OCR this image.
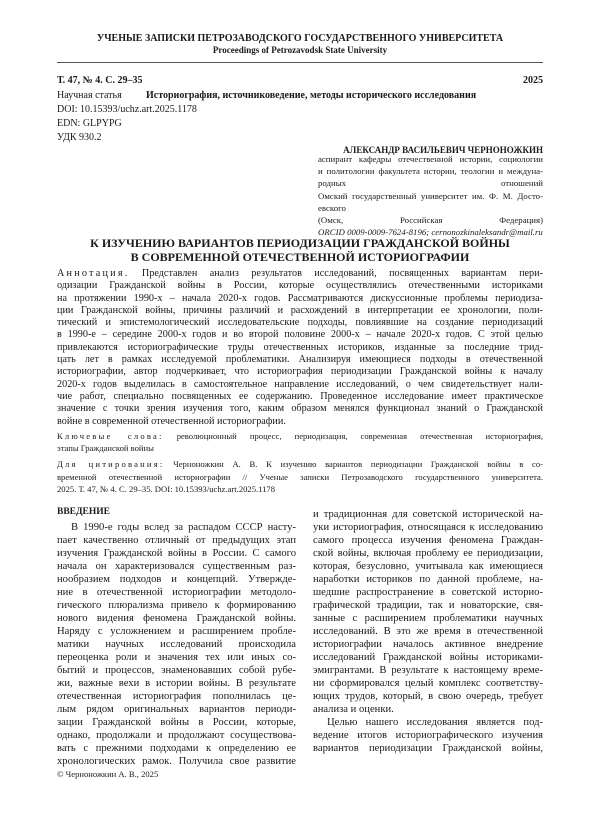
УЧЕНЫЕ ЗАПИСКИ ПЕТРОЗАВОДСКОГО ГОСУДАРСТВЕННОГО УНИВЕРСИТЕТА
Proceedings of Petrozavodsk State University
Т. 47, № 4. С. 29–35	2025
Научная статья Историография, источниковедение, методы исторического исследования
DOI: 10.15393/uchz.art.2025.1178
EDN: GLPYPG
УДК 930.2
АЛЕКСАНДР ВАСИЛЬЕВИЧ ЧЕРНОНОЖКИН
аспирант кафедры отечественной истории, социологии
и политологии факультета истории, теологии и междуна-
родных отношений
Омский государственный университет им. Ф. М. Досто-
евского
(Омск, Российская Федерация)
ORCID 0009-0009-7624-8196; cernonozkinaleksandr@mail.ru
К ИЗУЧЕНИЮ ВАРИАНТОВ ПЕРИОДИЗАЦИИ ГРАЖДАНСКОЙ ВОЙНЫ
В СОВРЕМЕННОЙ ОТЕЧЕСТВЕННОЙ ИСТОРИОГРАФИИ
Аннотация. Представлен анализ результатов исследований, посвященных вариантам пери-
одизации Гражданской войны в России, которые осуществлялись отечественными историками
на протяжении 1990-х – начала 2020-х годов. Рассматриваются дискуссионные проблемы периодиза-
ции Гражданской войны, причины различий и расхождений в интерпретации ее хронологии, поли-
тический и эпистемологический исследовательские подходы, повлиявшие на создание периодизаций
в 1990-е – середине 2000-х годов и во второй половине 2000-х – начале 2020-х годов. С этой целью
привлекаются историографические труды отечественных историков, изданные за последние трид-
цать лет в рамках исследуемой проблематики. Анализируя имеющиеся подходы в отечественной
историографии, автор подчеркивает, что историография периодизации Гражданской войны к началу
2020-х годов выделилась в самостоятельное направление исследований, о чем свидетельствует нали-
чие работ, специально посвященных ее содержанию. Проведенное исследование имеет практическое
значение с точки зрения изучения того, каким образом менялся функционал знаний о Гражданской
войне в современной отечественной историографии.
Ключевые слова: революционный процесс, периодизация, современная отечественная историография,
этапы Гражданской войны
Для цитирования: Черноножкин А. В. К изучению вариантов периодизации Гражданской войны в со-
временной отечественной историографии // Ученые записки Петрозаводского государственного университета.
2025. Т. 47, № 4. С. 29–35. DOI: 10.15393/uchz.art.2025.1178
ВВЕДЕНИЕ
В 1990-е годы вслед за распадом СССР насту-
пает качественно отличный от предыдущих этап
изучения Гражданской войны в России. С самого
начала он характеризовался существенным раз-
нообразием подходов и концепций. Утвержде-
ние в отечественной историографии методоло-
гического плюрализма привело к формированию
нового видения феномена Гражданской войны.
Наряду с усложнением и расширением пробле-
матики научных исследований происходила
переоценка роли и значения тех или иных со-
бытий и процессов, знаменовавших собой рубе-
жи, важные вехи в истории войны. В результате
отечественная историография пополнилась це-
лым рядом оригинальных вариантов периоди-
зации Гражданской войны в России, которые,
однако, продолжали и продолжают сосуществова-
вать с прежними подходами к определению ее
хронологических рамок. Получила свое развитие
и традиционная для советской исторической на-
уки историография, относящаяся к исследованию
самого процесса изучения феномена Граждан-
ской войны, включая проблему ее периодизации,
которая, безусловно, учитывала как имеющиеся
наработки историков по данной проблеме, на-
шедшие распространение в советской историо-
графической традиции, так и новаторские, свя-
занные с расширением проблематики научных
исследований. В это же время в отечественной
историографии началось активное внедрение
исследований Гражданской войны историками-
эмигрантами. В результате к настоящему време-
ни сформировался целый комплекс соответству-
ющих трудов, который, в свою очередь, требует
анализа и оценки.
Целью нашего исследования является под-
ведение итогов историографического изучения
вариантов периодизации Гражданской войны,
© Черноножкин А. В., 2025
